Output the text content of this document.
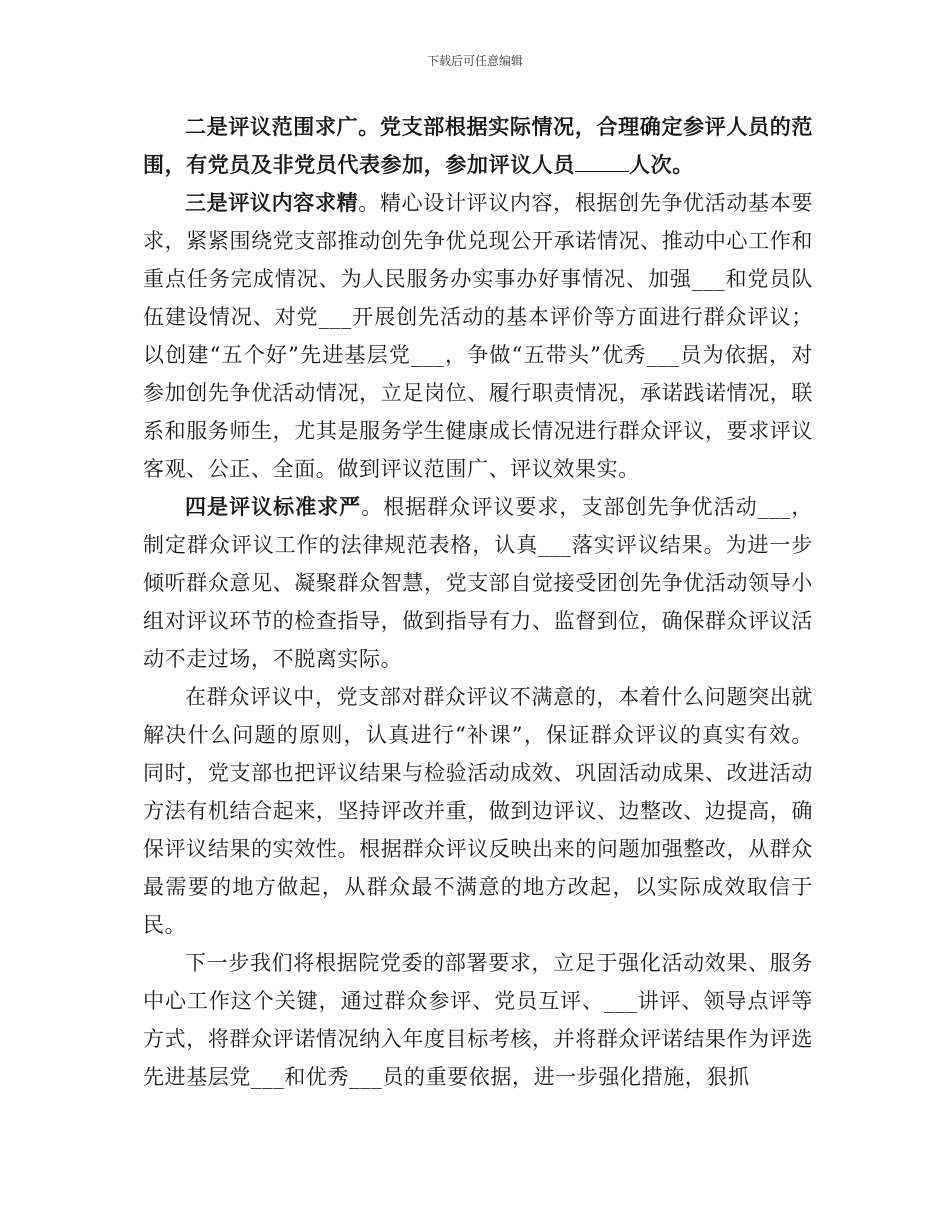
下载后可任意编辑

二是评议范围求广。党支部根据实际情况，合理确定参评人员的范围，有党员及非党员代表参加，参加评议人员	人次。

三是评议内容求精。精心设计评议内容，根据创先争优活动基本要求，紧紧围绕党支部推动创先争优兑现公开承诺情况、推动中心工作和重点任务完成情况、为人民服务办实事办好事情况、加强___和党员队伍建设情况、对党___开展创先活动的基本评价等方面进行群众评议；以创建“五个好”先进基层党___，争做“五带头”优秀___员为依据，对参加创先争优活动情况，立足岗位、履行职责情况，承诺践诺情况，联系和服务师生，尤其是服务学生健康成长情况进行群众评议，要求评议客观、公正、全面。做到评议范围广、评议效果实。

四是评议标准求严。根据群众评议要求，支部创先争优活动___，制定群众评议工作的法律规范表格，认真___落实评议结果。为进一步倾听群众意见、凝聚群众智慧，党支部自觉接受团创先争优活动领导小组对评议环节的检查指导，做到指导有力、监督到位，确保群众评议活动不走过场，不脱离实际。

在群众评议中，党支部对群众评议不满意的，本着什么问题突出就解决什么问题的原则，认真进行“补课”，保证群众评议的真实有效。同时，党支部也把评议结果与检验活动成效、巩固活动成果、改进活动方法有机结合起来，坚持评改并重，做到边评议、边整改、边提高，确保评议结果的实效性。根据群众评议反映出来的问题加强整改，从群众最需要的地方做起，从群众最不满意的地方改起，以实际成效取信于民。

下一步我们将根据院党委的部署要求，立足于强化活动效果、服务中心工作这个关键，通过群众参评、党员互评、___讲评、领导点评等方式，将群众评诺情况纳入年度目标考核，并将群众评诺结果作为评选先进基层党___和优秀___员的重要依据，进一步强化措施，狠抓
